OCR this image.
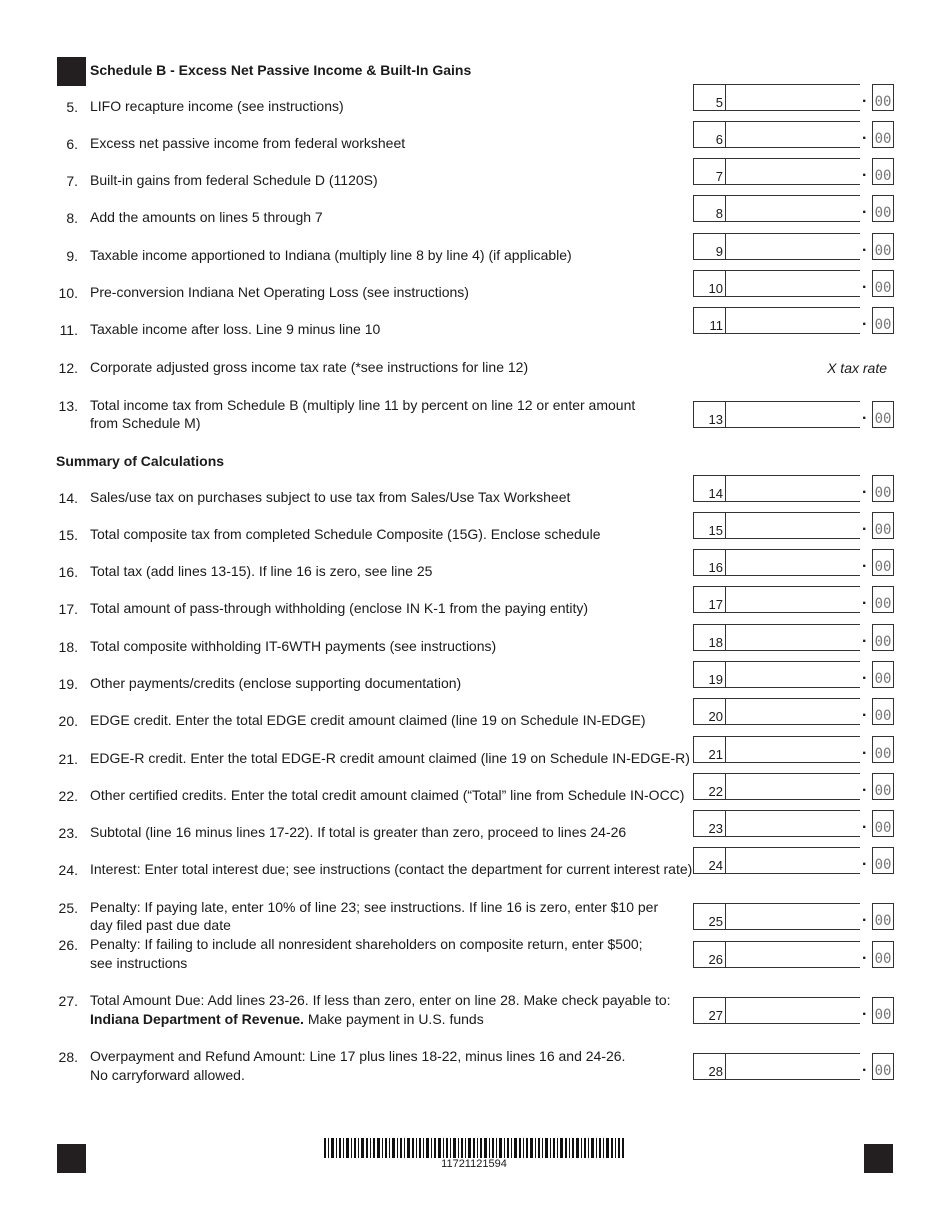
Schedule B - Excess Net Passive Income & Built-In Gains
Summary of Calculations
5. LIFO recapture income (see instructions)	5	. 00
6. Excess net passive income from federal worksheet	6	. 00
7. Built-in gains from federal Schedule D (1120S)	7	. 00
8. Add the amounts on lines 5 through 7	8	. 00
9. Taxable income apportioned to Indiana (multiply line 8 by line 4) (if applicable)	9	. 00
10. Pre-conversion Indiana Net Operating Loss (see instructions)	10	. 00
11. Taxable income after loss. Line 9 minus line 10	11	. 00
12. Corporate adjusted gross income tax rate (*see instructions for line 12)	X tax rate
13. Total income tax from Schedule B (multiply line 11 by percent on line 12 or enter amount
from Schedule M)	13	. 00
14. Sales/use tax on purchases subject to use tax from Sales/Use Tax Worksheet	14	. 00
15. Total composite tax from completed Schedule Composite (15G). Enclose schedule	15	. 00
16. Total tax (add lines 13-15). If line 16 is zero, see line 25	16	. 00
17. Total amount of pass-through withholding (enclose IN K-1 from the paying entity)	17	. 00
18. Total composite withholding IT-6WTH payments (see instructions)	18	. 00
19. Other payments/credits (enclose supporting documentation)	19	. 00
20. EDGE credit. Enter the total EDGE credit amount claimed (line 19 on Schedule IN-EDGE)	20	. 00
21. EDGE-R credit. Enter the total EDGE-R credit amount claimed (line 19 on Schedule IN-EDGE-R)	21	. 00
22. Other certified credits. Enter the total credit amount claimed (“Total” line from Schedule IN-OCC)	22	. 00
23. Subtotal (line 16 minus lines 17-22). If total is greater than zero, proceed to lines 24-26	23	. 00
24. Interest: Enter total interest due; see instructions (contact the department for current interest rate)	24	. 00
25. Penalty: If paying late, enter 10% of line 23; see instructions. If line 16 is zero, enter $10 per
day filed past due date	25	. 00
26. Penalty: If failing to include all nonresident shareholders on composite return, enter $500;
see instructions	26	. 00
27. Total Amount Due: Add lines 23-26. If less than zero, enter on line 28. Make check payable to:
Indiana Department of Revenue. Make payment in U.S. funds	27	. 00
28. Overpayment and Refund Amount: Line 17 plus lines 18-22, minus lines 16 and 24-26.
No carryforward allowed.	28	. 00
11721121594
